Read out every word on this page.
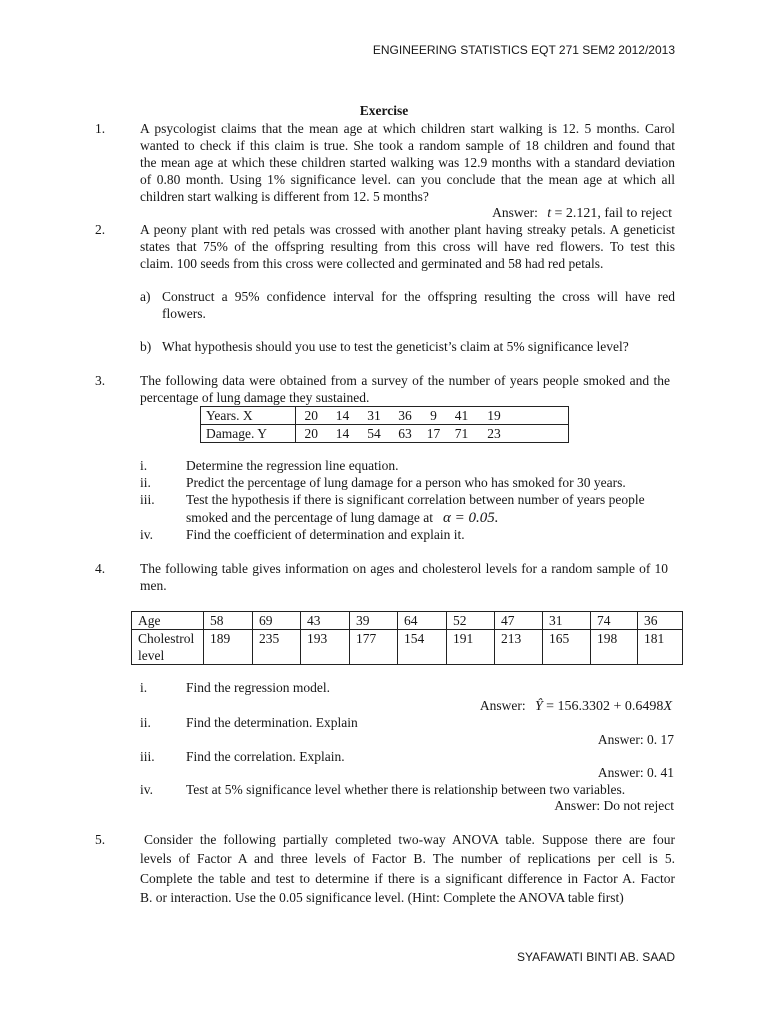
ENGINEERING STATISTICS EQT 271 SEM2 2012/2013
Exercise
1.	A psycologist claims that the mean age at which children start walking is 12. 5 months. Carol
wanted to check if this claim is true. She took a random sample of 18 children and found that
the mean age at which these children started walking was 12.9 months with a standard deviation
of 0.80 month. Using 1% significance level. can you conclude that the mean age at which all
children start walking is different from 12. 5 months?
Answer: t = 2.121, fail to reject
2.	A peony plant with red petals was crossed with another plant having streaky petals. A geneticist
states that 75% of the offspring resulting from this cross will have red flowers. To test this
claim. 100 seeds from this cross were collected and germinated and 58 had red petals.
a) Construct a 95% confidence interval for the offspring resulting the cross will have red
flowers.
b) What hypothesis should you use to test the geneticist’s claim at 5% significance level?
3.	The following data were obtained from a survey of the number of years people smoked and the
percentage of lung damage they sustained.
Years. X	20	14	31	36	9	41	19	
Damage. Y	20	14	54	63	17	71	23	
i.	Determine the regression line equation.
ii.	Predict the percentage of lung damage for a person who has smoked for 30 years.
iii. Test the hypothesis if there is significant correlation between number of years people
smoked and the percentage of lung damage at α = 0.05.
iv. Find the coefficient of determination and explain it.
4.	The following table gives information on ages and cholesterol levels for a random sample of 10
men.
Age	58	69	43	39	64	52	47	31	74	36
Cholestrol level	189	235	193	177	154	191	213	165	198	181
i.	Find the regression model.
Answer: Ŷ = 156.3302 + 0.6498X
ii.	Find the determination. Explain
Answer: 0. 17
iii. Find the correlation. Explain.
Answer: 0. 41
iv. Test at 5% significance level whether there is relationship between two variables.
Answer: Do not reject
5.	Consider the following partially completed two-way ANOVA table. Suppose there are four
levels of Factor A and three levels of Factor B. The number of replications per cell is 5.
Complete the table and test to determine if there is a significant difference in Factor A. Factor
B. or interaction. Use the 0.05 significance level. (Hint: Complete the ANOVA table first)
SYAFAWATI BINTI AB. SAAD
